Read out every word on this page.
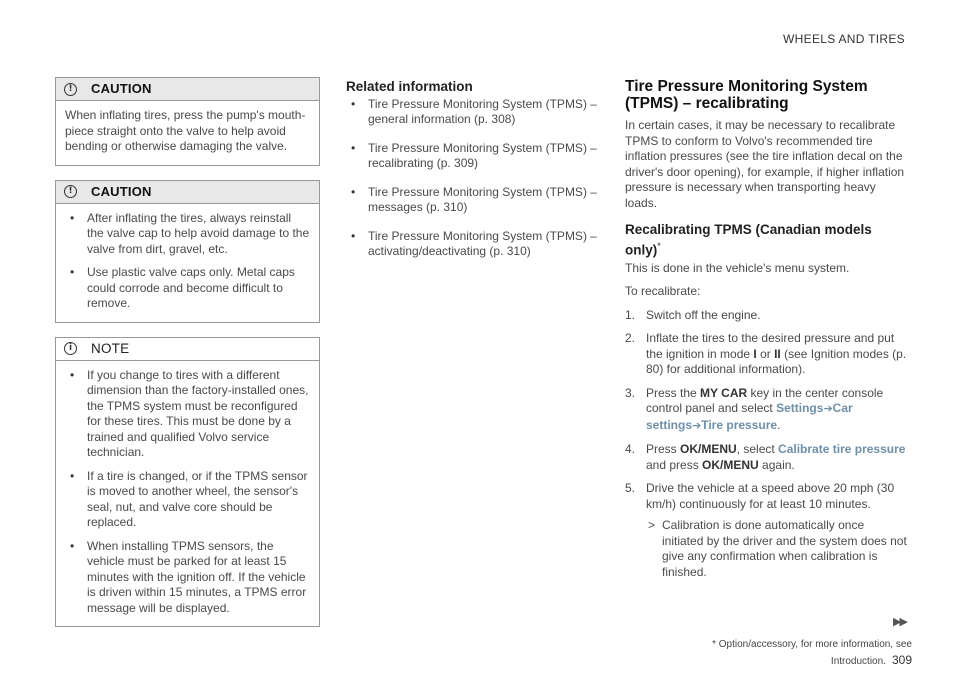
WHEELS AND TIRES
!	CAUTION

When inflating tires, press the pump's mouth-piece straight onto the valve to help avoid bending or otherwise damaging the valve.

!	CAUTION
• After inflating the tires, always reinstall the valve cap to help avoid damage to the valve from dirt, gravel, etc.
• Use plastic valve caps only. Metal caps could corrode and become difficult to remove.
i	NOTE
• If you change to tires with a different dimension than the factory-installed ones, the TPMS system must be reconfigured for these tires. This must be done by a trained and qualified Volvo service technician.
• If a tire is changed, or if the TPMS sensor is moved to another wheel, the sensor's seal, nut, and valve core should be replaced.
• When installing TPMS sensors, the vehicle must be parked for at least 15 minutes with the ignition off. If the vehicle is driven within 15 minutes, a TPMS error message will be displayed.
Related information
• Tire Pressure Monitoring System (TPMS) – general information (p. 308)
• Tire Pressure Monitoring System (TPMS) – recalibrating (p. 309)
• Tire Pressure Monitoring System (TPMS) – messages (p. 310)
• Tire Pressure Monitoring System (TPMS) – activating/deactivating (p. 310)
Tire Pressure Monitoring System (TPMS) – recalibrating

In certain cases, it may be necessary to recalibrate TPMS to conform to Volvo's recommended tire inflation pressures (see the tire inflation decal on the driver's door opening), for example, if higher inflation pressure is necessary when transporting heavy loads.

Recalibrating TPMS (Canadian models only)*

This is done in the vehicle's menu system.

To recalibrate:

1. Switch off the engine.
2. Inflate the tires to the desired pressure and put the ignition in mode I or II (see Ignition modes (p. 80) for additional information).
3. Press the MY CAR key in the center console control panel and select Settings➔Car settings➔Tire pressure.
4. Press OK/MENU, select Calibrate tire pressure and press OK/MENU again.
5. Drive the vehicle at a speed above 20 mph (30 km/h) continuously for at least 10 minutes.
> Calibration is done automatically once initiated by the driver and the system does not give any confirmation when calibration is finished.
▶▶
* Option/accessory, for more information, see Introduction. 309
